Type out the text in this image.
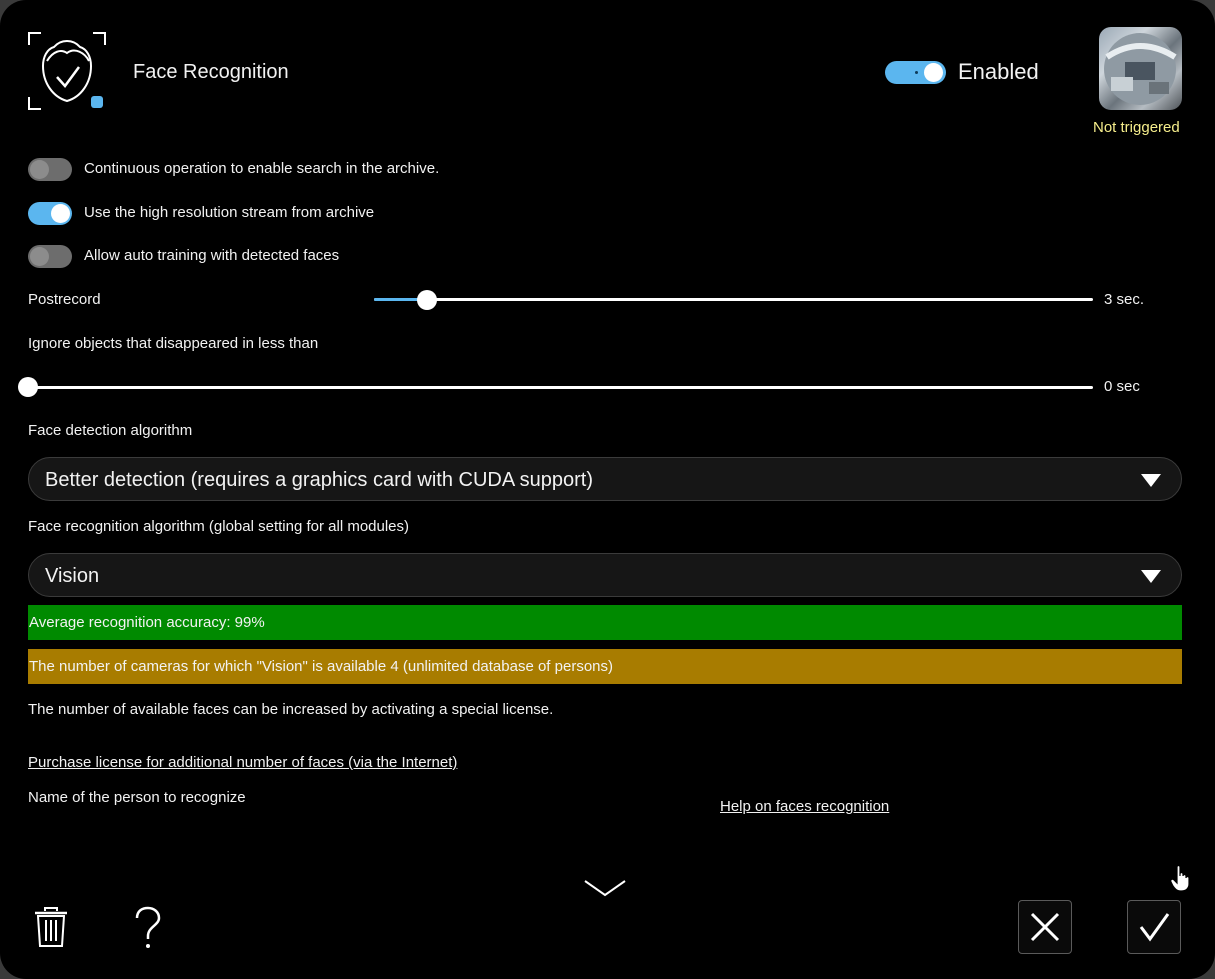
Face Recognition	Enabled
Not triggered
Continuous operation to enable search in the archive.
Use the high resolution stream from archive
Allow auto training with detected faces
Postrecord	3 sec.
Ignore objects that disappeared in less than
0 sec
Face detection algorithm
Better detection (requires a graphics card with CUDA support)
Face recognition algorithm (global setting for all modules)
Vision
Average recognition accuracy: 99%
The number of cameras for which "Vision" is available 4 (unlimited database of persons)
The number of available faces can be increased by activating a special license.
Purchase license for additional number of faces (via the Internet)
Name of the person to recognize
Help on faces recognition
